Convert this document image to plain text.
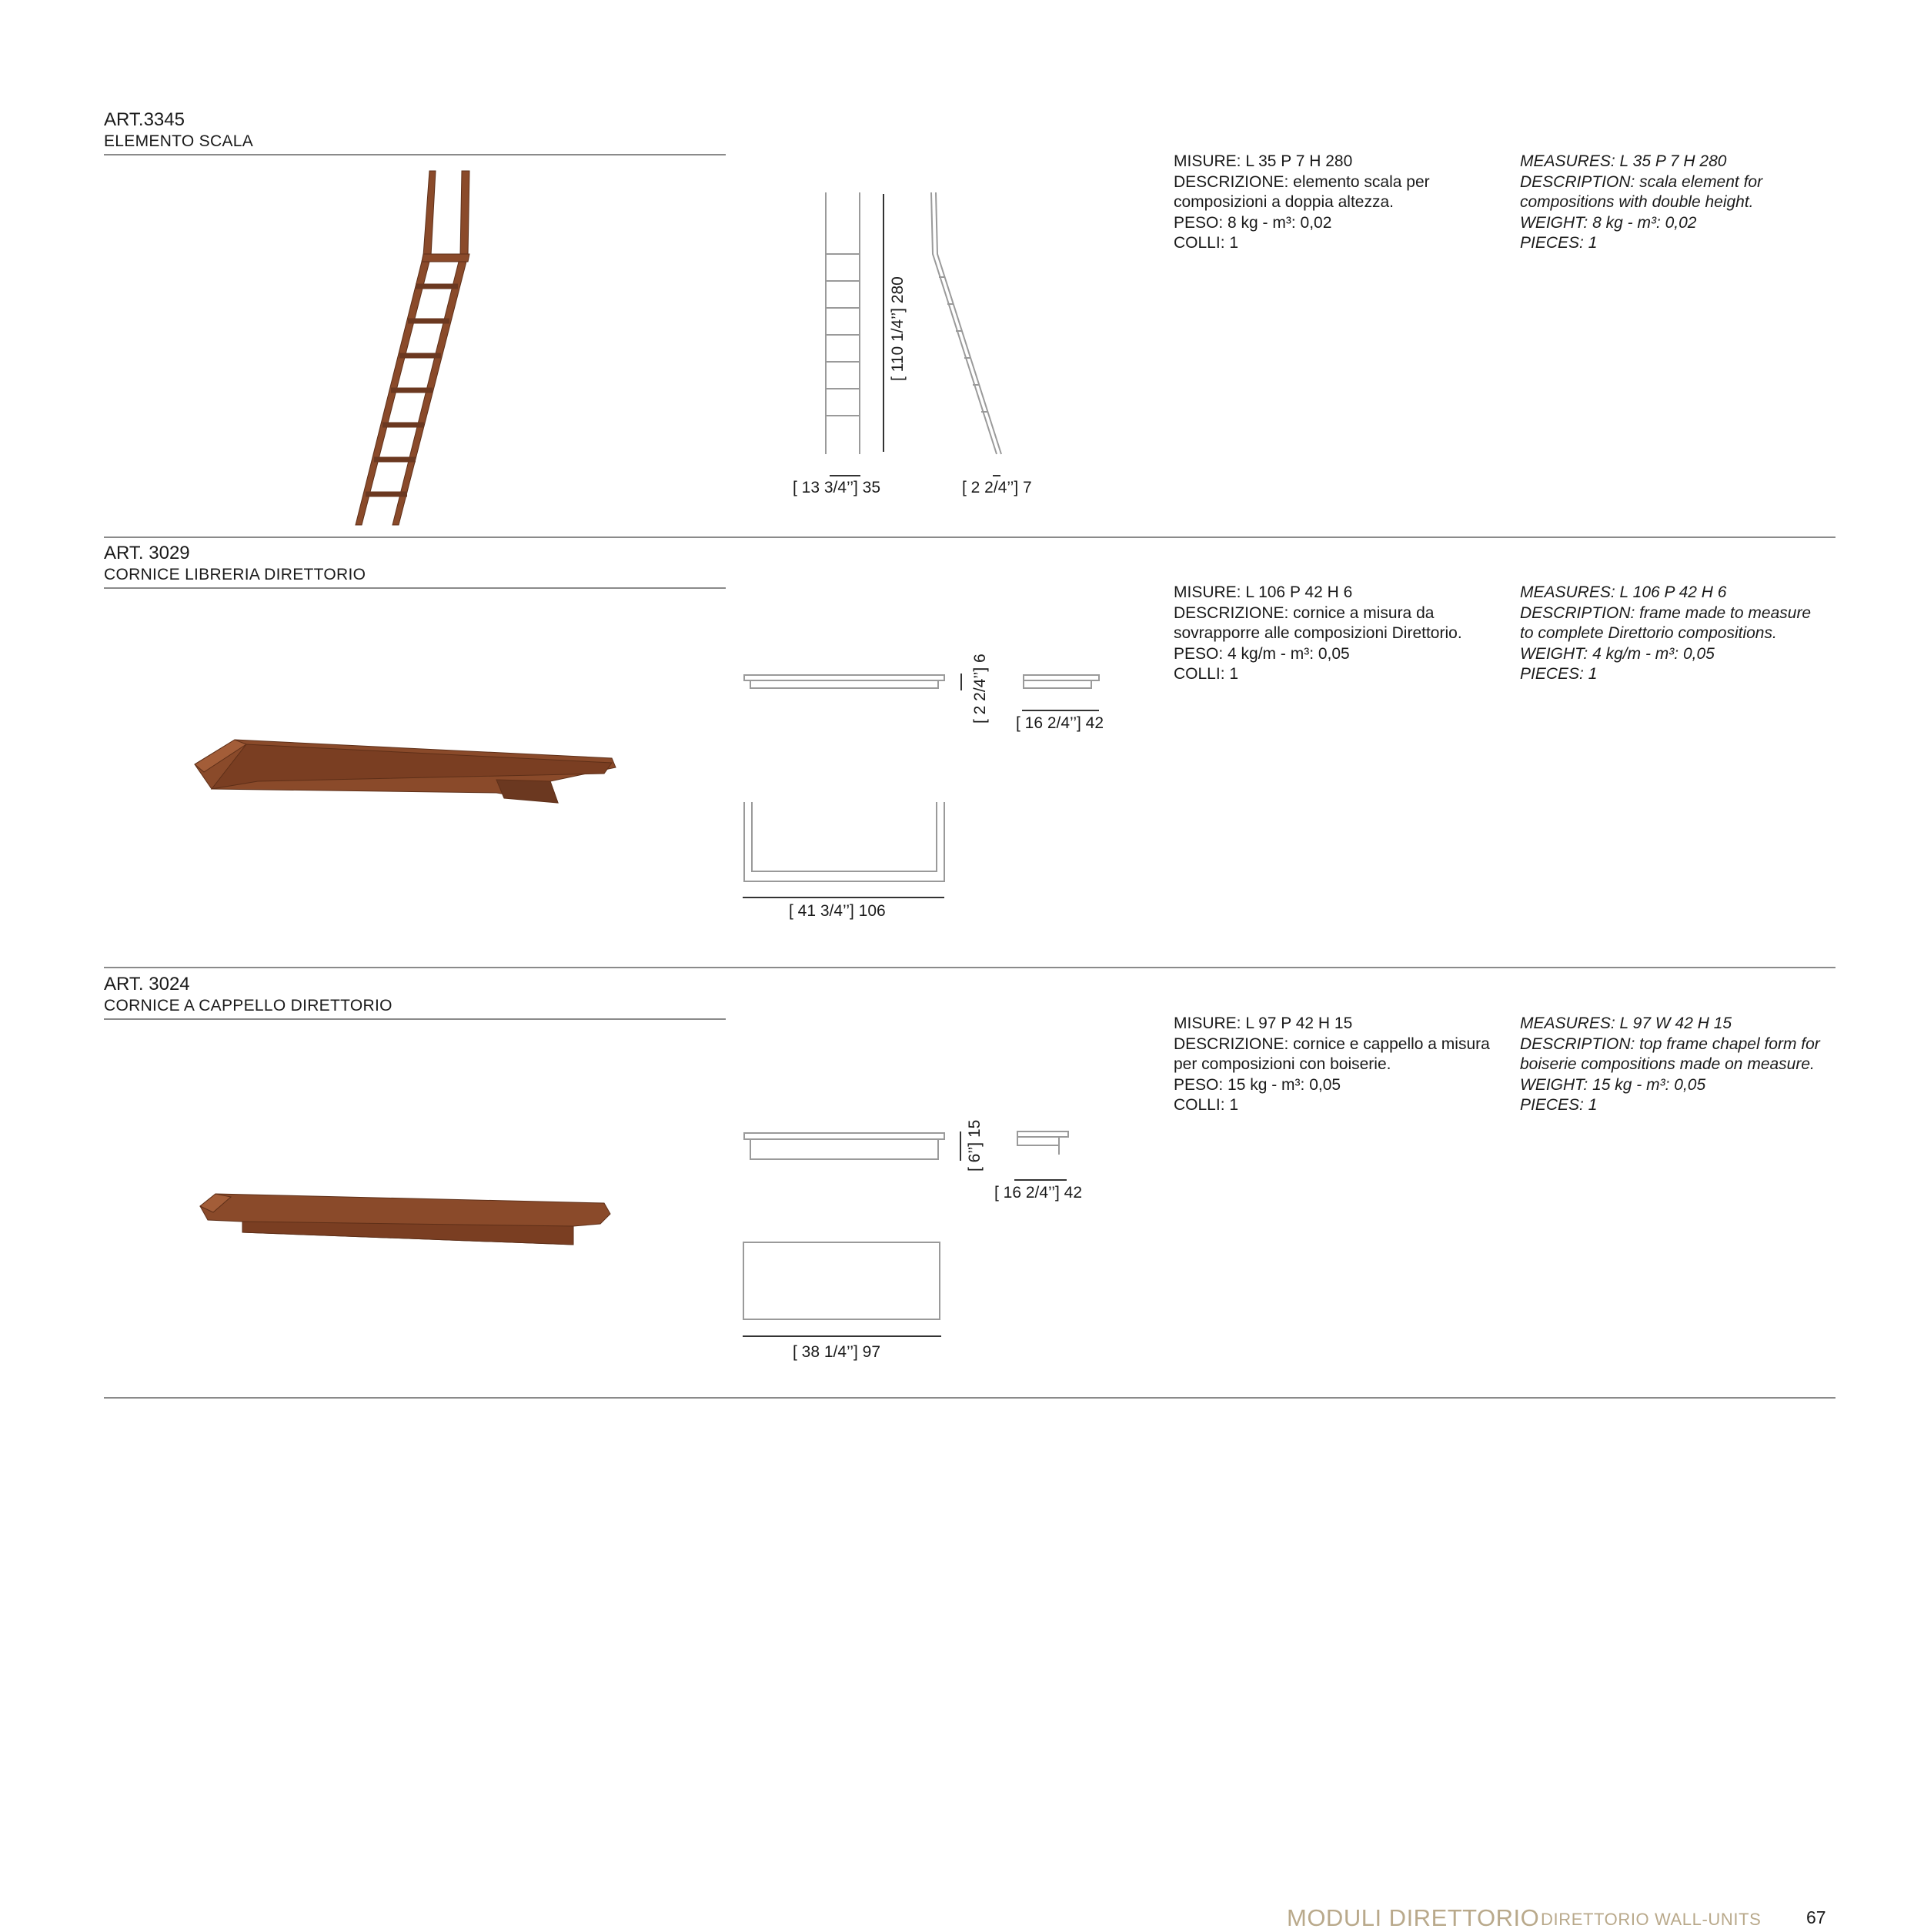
ART.3345
ELEMENTO SCALA
[ 110 1/4’’] 280
[ 13 3/4’’] 35	[ 2 2/4’’] 7
MISURE: L 35 P 7 H 280
DESCRIZIONE: elemento scala per
composizioni a doppia altezza.
PESO: 8 kg - m³: 0,02
COLLI: 1
MEASURES: L 35 P 7 H 280
DESCRIPTION: scala element for
compositions with double height.
WEIGHT: 8 kg - m³: 0,02
PIECES: 1
ART. 3029
CORNICE LIBRERIA DIRETTORIO
[ 2 2/4’’] 6 [ 16 2/4’’] 42
[ 41 3/4’’] 106
MISURE: L 106 P 42 H 6
DESCRIZIONE: cornice a misura da
sovrapporre alle composizioni Direttorio.
PESO: 4 kg/m - m³: 0,05
COLLI: 1
MEASURES: L 106 P 42 H 6
DESCRIPTION: frame made to measure
to complete Direttorio compositions.
WEIGHT: 4 kg/m - m³: 0,05
PIECES: 1
ART. 3024
CORNICE A CAPPELLO DIRETTORIO
[ 6’’] 15
[ 16 2/4’’] 42
[ 38 1/4’’] 97
MISURE: L 97 P 42 H 15
DESCRIZIONE: cornice e cappello a misura
per composizioni con boiserie.
PESO: 15 kg - m³: 0,05
COLLI: 1
MEASURES: L 97 W 42 H 15
DESCRIPTION: top frame chapel form for
boiserie compositions made on measure.
WEIGHT: 15 kg - m³: 0,05
PIECES: 1
MODULI DIRETTORIO DIRETTORIO WALL-UNITS	67
